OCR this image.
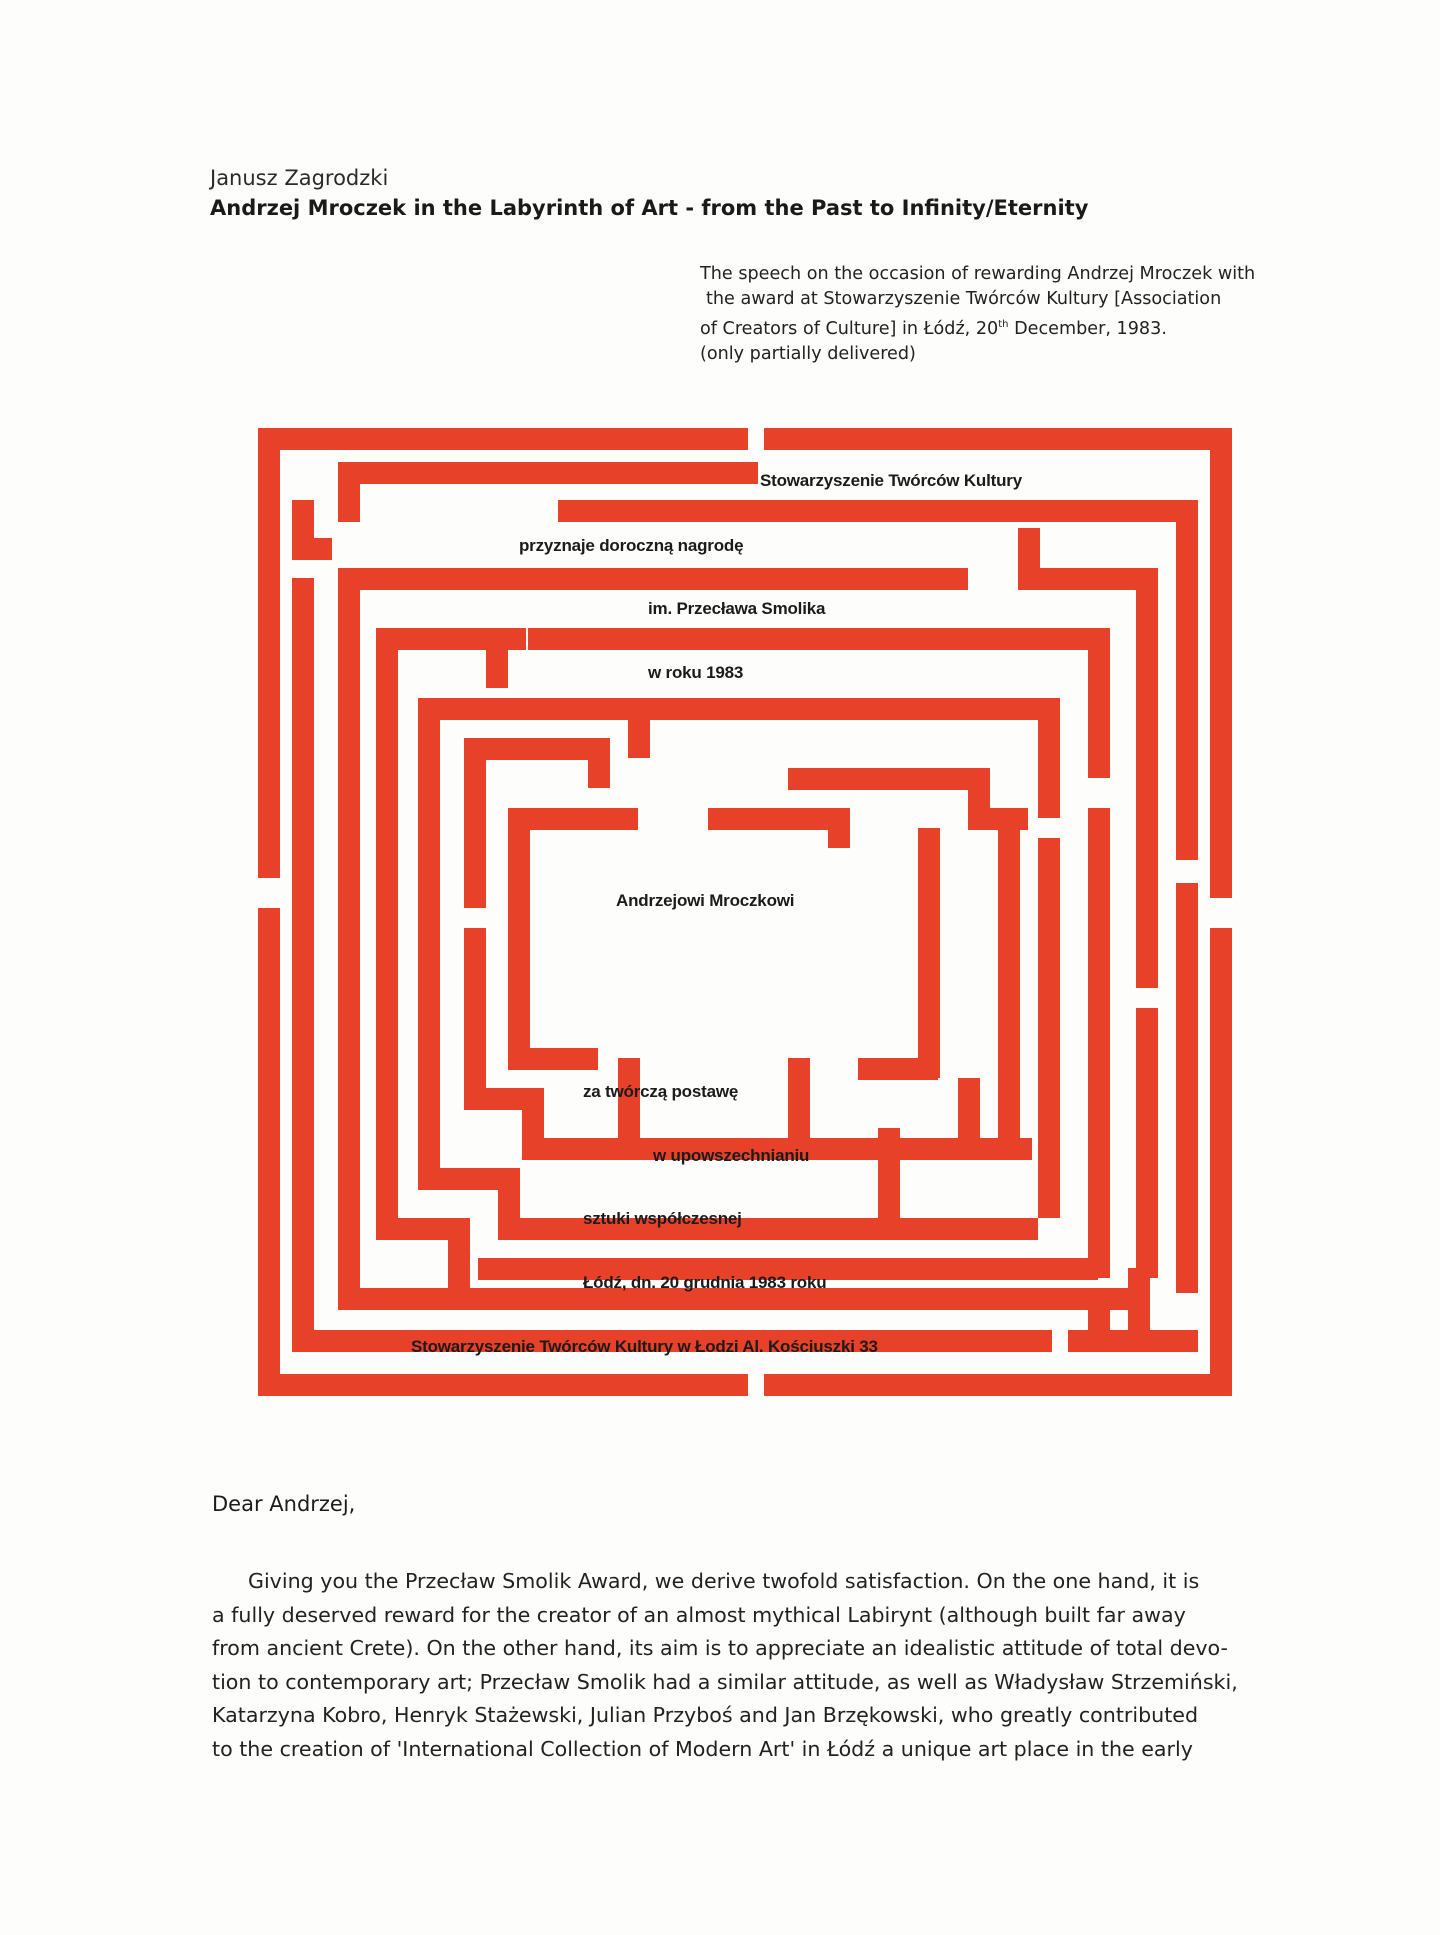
Janusz Zagrodzki
Andrzej Mroczek in the Labyrinth of Art - from the Past to Infinity/Eternity
The speech on the occasion of rewarding Andrzej Mroczek with
the award at Stowarzyszenie Twórców Kultury [Association
of Creators of Culture] in Łódź, 20th December, 1983.
(only partially delivered)
Stowarzyszenie Twórców Kultury
przyznaje doroczną nagrodę
im. Przecława Smolika
w roku 1983
Andrzejowi Mroczkowi
za twórczą postawę
w upowszechnianiu
sztuki współczesnej
Łódź, dn. 20 grudnia 1983 roku
Stowarzyszenie Twórców Kultury w Łodzi Al. Kościuszki 33
Dear Andrzej,
Giving you the Przecław Smolik Award, we derive twofold satisfaction. On the one hand, it is
a fully deserved reward for the creator of an almost mythical Labirynt (although built far away
from ancient Crete). On the other hand, its aim is to appreciate an idealistic attitude of total devo-
tion to contemporary art; Przecław Smolik had a similar attitude, as well as Władysław Strzemiński,
Katarzyna Kobro, Henryk Stażewski, Julian Przyboś and Jan Brzękowski, who greatly contributed
to the creation of 'International Collection of Modern Art' in Łódź a unique art place in the early
